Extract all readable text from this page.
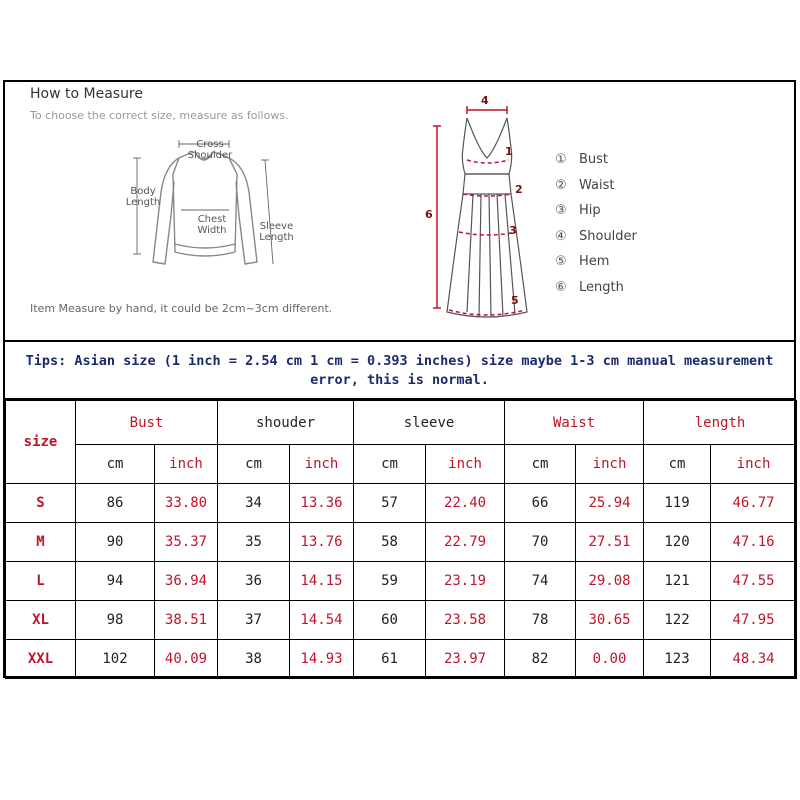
How to Measure
To choose the correct size, measure as follows.
Cross
Shoulder
Body
Length
Chest
Width	Sleeve
Length
Item Measure by hand, it could be 2cm~3cm different.
4
1
2
3
6
5
① Bust
② Waist
③ Hip
④ Shoulder
⑤ Hem
⑥ Length
Tips: Asian size (1 inch = 2.54 cm 1 cm = 0.393 inches) size maybe 1-3 cm manual measurement error, this is normal.
size	Bust		shouder		sleeve		Waist		length	
	cm	inch	cm	inch	cm	inch	cm	inch	cm	inch
S	86	33.80	34	13.36	57	22.40	66	25.94	119	46.77
M	90	35.37	35	13.76	58	22.79	70	27.51	120	47.16
L	94	36.94	36	14.15	59	23.19	74	29.08	121	47.55
XL	98	38.51	37	14.54	60	23.58	78	30.65	122	47.95
XXL	102	40.09	38	14.93	61	23.97	82	0.00	123	48.34
